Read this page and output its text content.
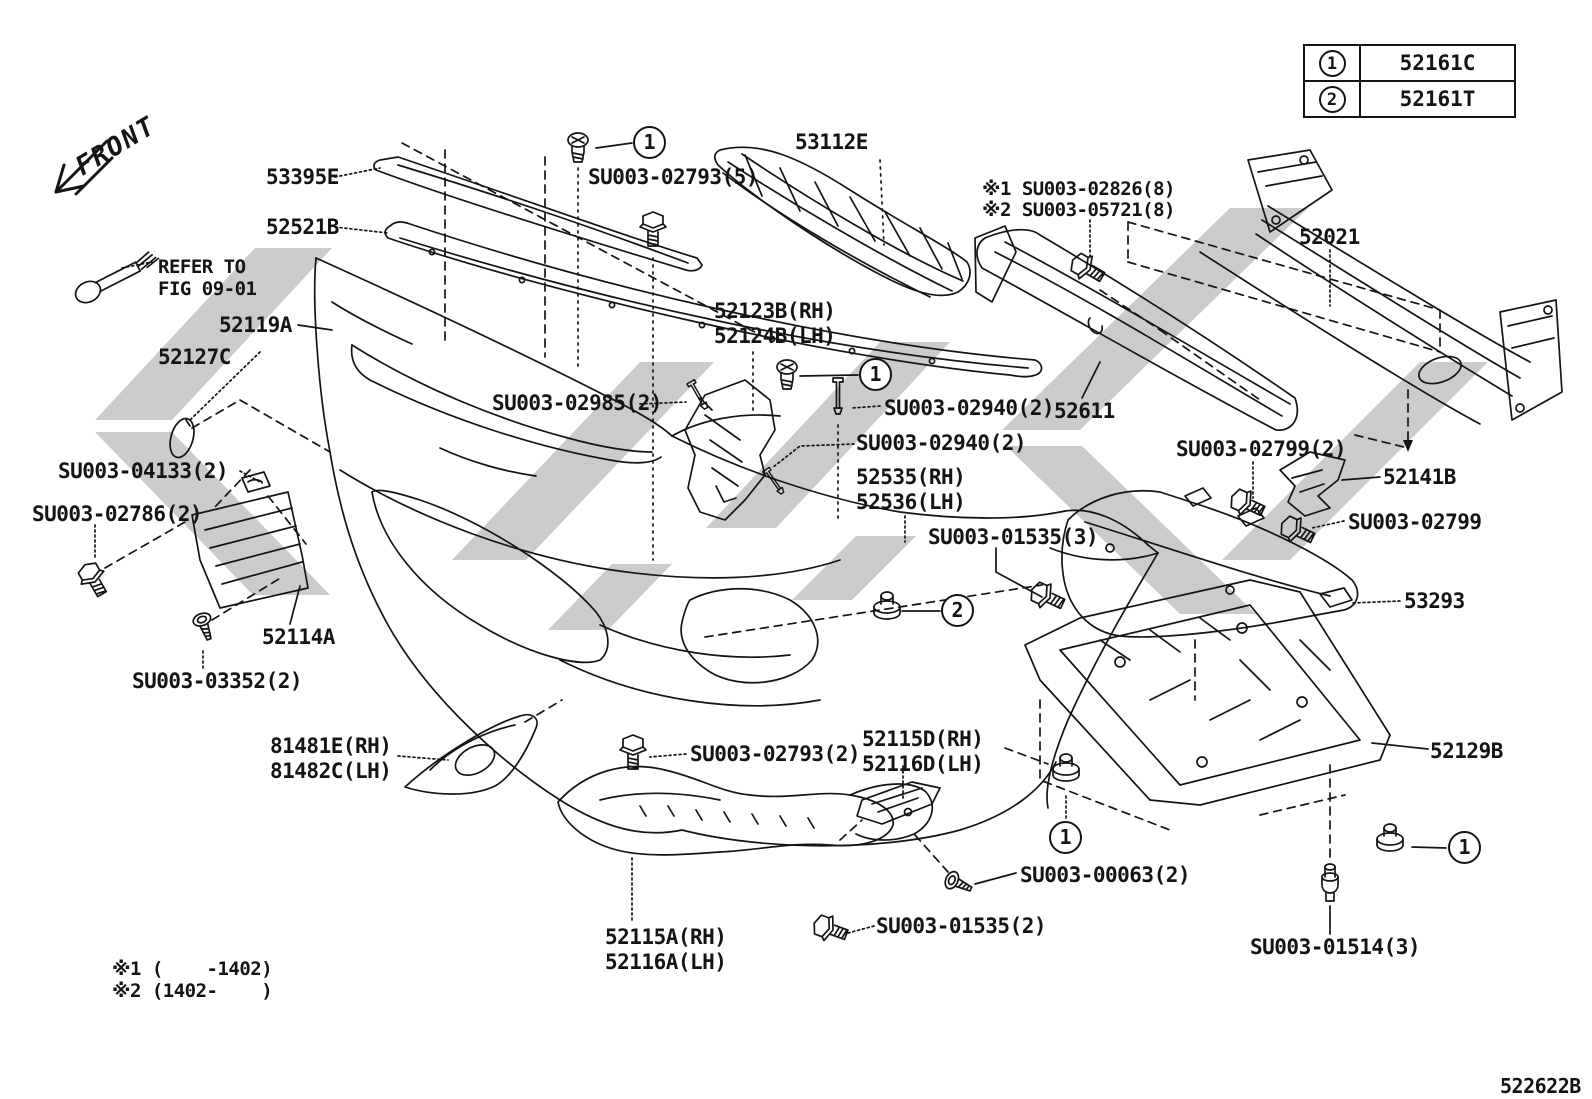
FRONT	53395E
52521B
REFER TO
FIG 09-01
52119A
52127C
SU003-02793(5)
53112E
※1 SU003-02826(8)
※2 SU003-05721(8)
52021
52123B(RH)
52124B(LH)
SU003-02985(2)	SU003-02940(2)
SU003-02940(2)
52611
SU003-02799(2)
52141B
SU003-02799
52535(RH)
52536(LH)
SU003-01535(3)
53293
SU003-04133(2)
SU003-02786(2)
52114A
SU003-03352(2)
81481E(RH)
81482C(LH)
SU003-02793(2)
52115D(RH)
52116D(LH)
52129B
SU003-00063(2)
SU003-01535(2)
52115A(RH)
52116A(LH)
SU003-01514(3)
※1 (    -1402)
※2 (1402-    )
522622B
1
1
2
1	1
1	52161C
2	52161T
